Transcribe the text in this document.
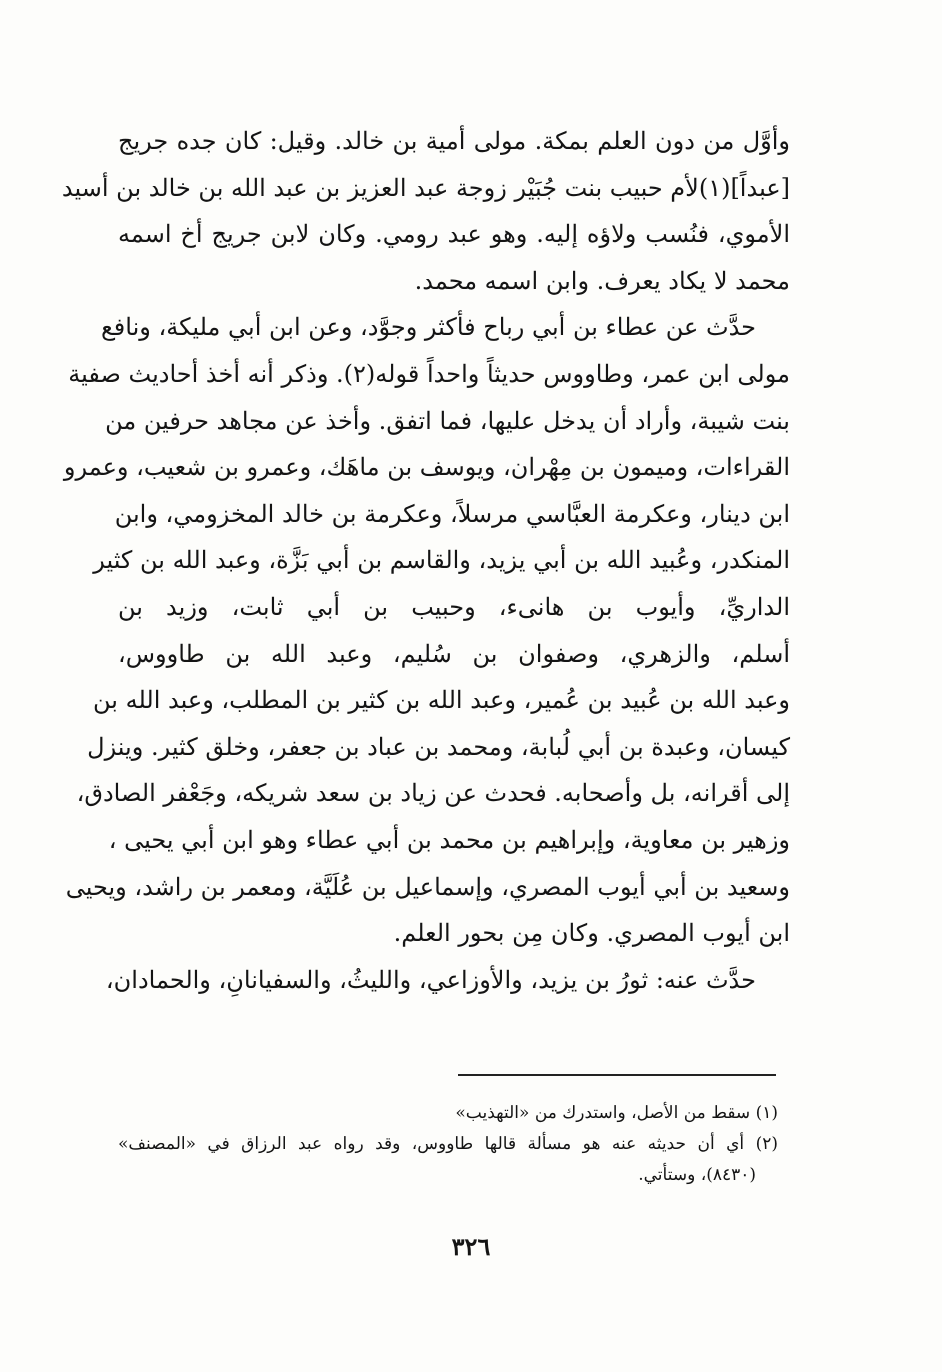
وأوَّل من دون العلم بمكة. مولى أمية بن خالد. وقيل: كان جده جريج
[عبداً](١)لأم حبيب بنت جُبَيْر زوجة عبد العزيز بن عبد الله بن خالد بن أسيد
الأموي، فنُسب ولاؤه إليه. وهو عبد رومي. وكان لابن جريج أخ اسمه
محمد لا يكاد يعرف. وابن اسمه محمد.
حدَّث عن عطاء بن أبي رباح فأكثر وجوَّد، وعن ابن أبي مليكة، ونافع
مولى ابن عمر، وطاووس حديثاً واحداً قوله(٢). وذكر أنه أخذ أحاديث صفية
بنت شيبة، وأراد أن يدخل عليها، فما اتفق. وأخذ عن مجاهد حرفين من
القراءات، وميمون بن مِهْران، ويوسف بن ماهَك، وعمرو بن شعيب، وعمرو
ابن دينار، وعكرمة العبَّاسي مرسلاً، وعكرمة بن خالد المخزومي، وابن
المنكدر، وعُبيد الله بن أبي يزيد، والقاسم بن أبي بَزَّة، وعبد الله بن كثير
الداريِّ، وأيوب بن هانىء، وحبيب بن أبي ثابت، وزيد بن
أسلم، والزهري، وصفوان بن سُليم، وعبد الله بن طاووس،
وعبد الله بن عُبيد بن عُمير، وعبد الله بن كثير بن المطلب، وعبد الله بن
كيسان، وعبدة بن أبي لُبابة، ومحمد بن عباد بن جعفر، وخلق كثير. وينزل
إلى أقرانه، بل وأصحابه. فحدث عن زياد بن سعد شريكه، وجَعْفر الصادق،
وزهير بن معاوية، وإبراهيم بن محمد بن أبي عطاء وهو ابن أبي يحيى ،
وسعيد بن أبي أيوب المصري، وإسماعيل بن عُلَيَّة، ومعمر بن راشد، ويحيى
ابن أيوب المصري. وكان مِن بحور العلم.
حدَّث عنه: ثورُ بن يزيد، والأوزاعي، والليثُ، والسفيانانِ، والحمادان،
(١) سقط من الأصل، واستدرك من «التهذيب»
(٢) أي أن حديثه عنه هو مسألة قالها طاووس، وقد رواه عبد الرزاق في «المصنف»
(٨٤٣٠)، وستأتي.
٣٢٦
